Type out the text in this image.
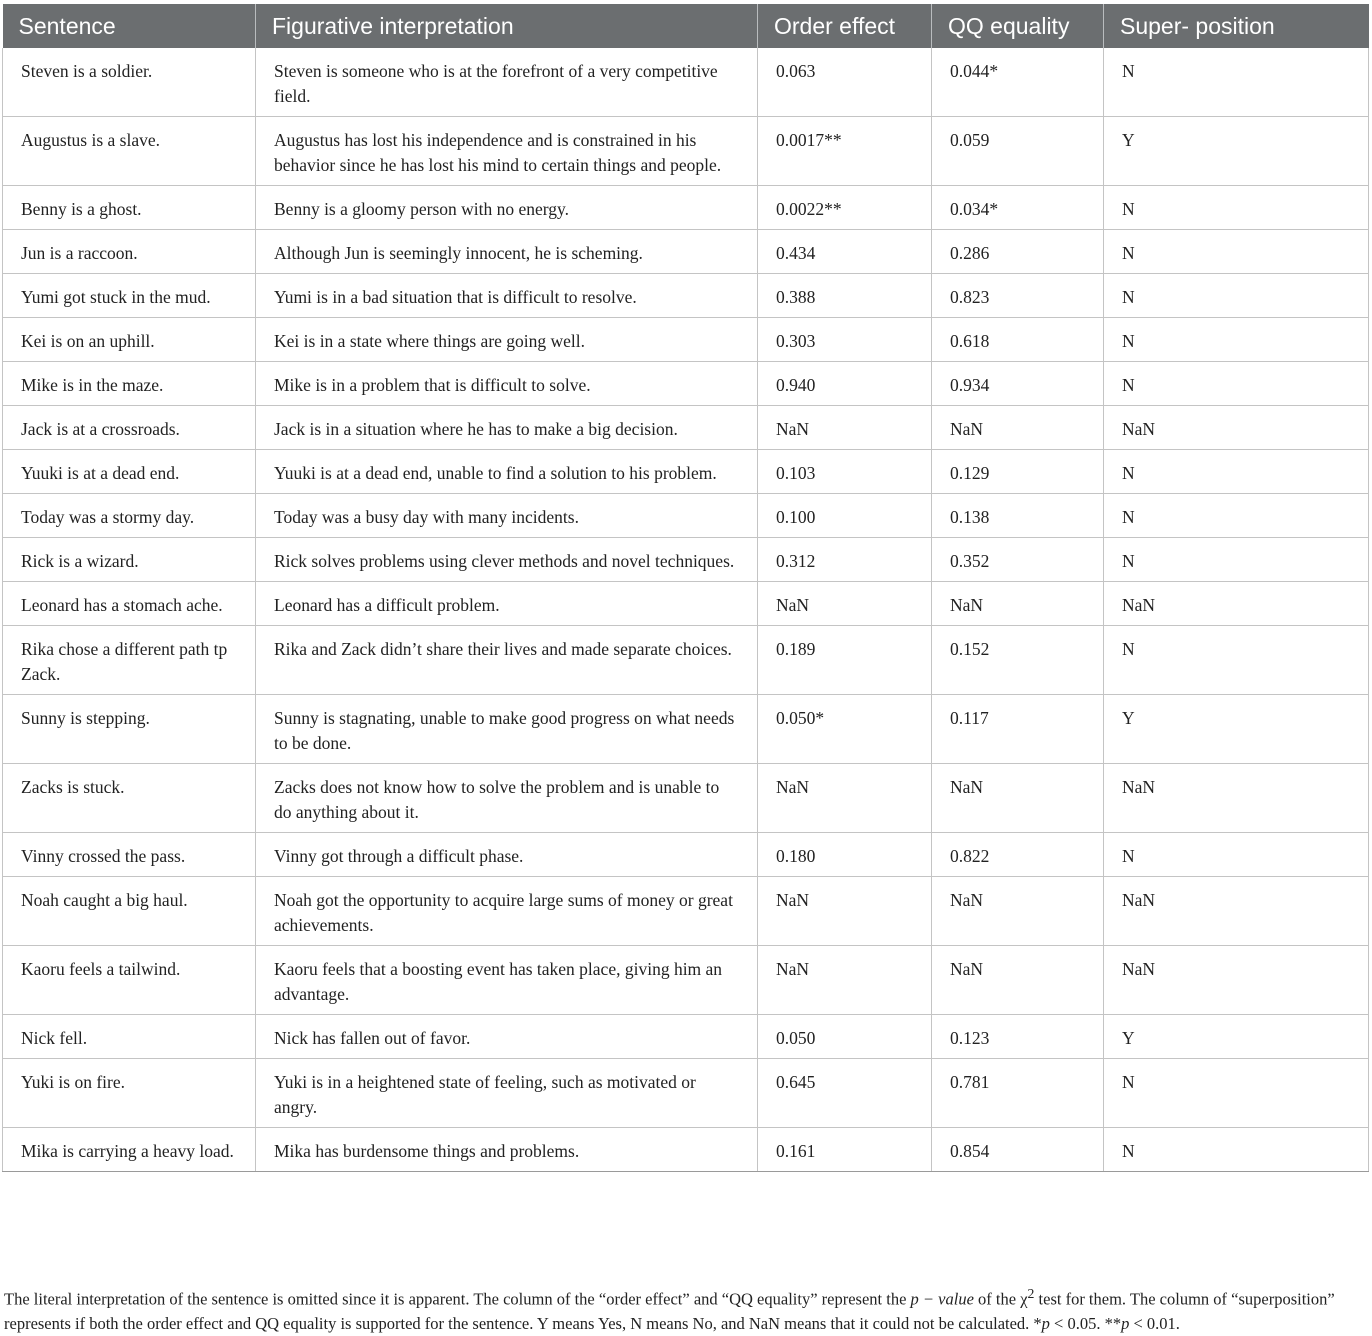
Sentence	Figurative interpretation	Order effect	QQ equality	Super- position
Steven is a soldier.	Steven is someone who is at the forefront of a very competitive field.	0.063	0.044*	N
Augustus is a slave.	Augustus has lost his independence and is constrained in his behavior since he has lost his mind to certain things and people.	0.0017**	0.059	Y
Benny is a ghost.	Benny is a gloomy person with no energy.	0.0022**	0.034*	N
Jun is a raccoon.	Although Jun is seemingly innocent, he is scheming.	0.434	0.286	N
Yumi got stuck in the mud.	Yumi is in a bad situation that is difficult to resolve.	0.388	0.823	N
Kei is on an uphill.	Kei is in a state where things are going well.	0.303	0.618	N
Mike is in the maze.	Mike is in a problem that is difficult to solve.	0.940	0.934	N
Jack is at a crossroads.	Jack is in a situation where he has to make a big decision.	NaN	NaN	NaN
Yuuki is at a dead end.	Yuuki is at a dead end, unable to find a solution to his problem.	0.103	0.129	N
Today was a stormy day.	Today was a busy day with many incidents.	0.100	0.138	N
Rick is a wizard.	Rick solves problems using clever methods and novel techniques.	0.312	0.352	N
Leonard has a stomach ache.	Leonard has a difficult problem.	NaN	NaN	NaN
Rika chose a different path tp Zack.	Rika and Zack didn’t share their lives and made separate choices.	0.189	0.152	N
Sunny is stepping.	Sunny is stagnating, unable to make good progress on what needs to be done.	0.050*	0.117	Y
Zacks is stuck.	Zacks does not know how to solve the problem and is unable to do anything about it.	NaN	NaN	NaN
Vinny crossed the pass.	Vinny got through a difficult phase.	0.180	0.822	N
Noah caught a big haul.	Noah got the opportunity to acquire large sums of money or great achievements.	NaN	NaN	NaN
Kaoru feels a tailwind.	Kaoru feels that a boosting event has taken place, giving him an advantage.	NaN	NaN	NaN
Nick fell.	Nick has fallen out of favor.	0.050	0.123	Y
Yuki is on fire.	Yuki is in a heightened state of feeling, such as motivated or angry.	0.645	0.781	N
Mika is carrying a heavy load.	Mika has burdensome things and problems.	0.161	0.854	N
The literal interpretation of the sentence is omitted since it is apparent. The column of the “order effect” and “QQ equality” represent the p − value of the $\chi^2$ test for them. The column of “superposition” represents if both the order effect and QQ equality is supported for the sentence. Y means Yes, N means No, and NaN means that it could not be calculated. *p < 0.05. **p < 0.01.
